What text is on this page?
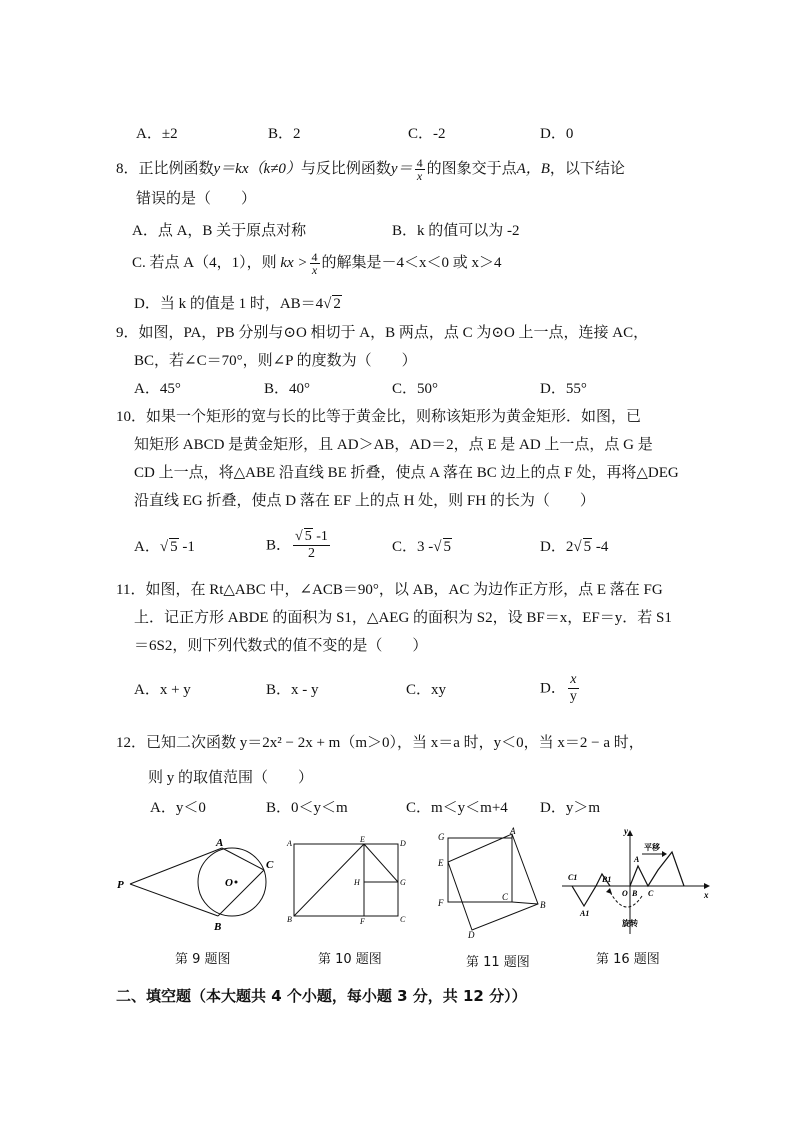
A．±2	B．2	C．-2	D．0
8．正比例函数y＝kx（k≠0）与反比例函数$y= \frac{4}{x}$ 的图象交于点A，B，以下结论
错误的是（　　）
A．点 A，B 关于原点对称	B．k 的值可以为 -2
C. 若点 A（4，1），则 kx > $\frac{4}{x}$ 的解集是－4＜x＜0 或 x＞4
D．当 k 的值是 1 时，AB＝4√ 2
9．如图，PA，PB 分别与⊙O 相切于 A，B 两点，点 C 为⊙O 上一点，连接 AC，
BC，若∠C＝70°，则∠P 的度数为（　　）
A．45°	B．40°	C．50°	D．55°
10．如果一个矩形的宽与长的比等于黄金比，则称该矩形为黄金矩形．如图，已
知矩形 ABCD 是黄金矩形，且 AD＞AB，AD＝2，点 E 是 AD 上一点，点 G 是
CD 上一点，将△ABE 沿直线 BE 折叠，使点 A 落在 BC 边上的点 F 处，再将△DEG
沿直线 EG 折叠，使点 D 落在 EF 上的点 H 处，则 FH 的长为（　　）
A．√ 5 -1	B． $\frac{√ 5 -1}{2}$	C．3 -√ 5	D．2√ 5 -4
11．如图，在 Rt△ABC 中，∠ACB＝90°，以 AB，AC 为边作正方形，点 E 落在 FG
上．记正方形 ABDE 的面积为 S1，△AEG 的面积为 S2，设 BF＝x，EF＝y．若 S1
＝6S2，则下列代数式的值不变的是（　　）
A．x + y	B．x - y	C．xy	D． $\frac{x}{y}$
12．已知二次函数 y＝2x² − 2x + m（m＞0），当 x＝a 时，y＜0，当 x＝2 − a 时，
则 y 的取值范围（　　）
A．y＜0	B．0＜y＜m	C．m＜y＜m+4 D．y＞m
A
B
C
P	O
第 9 题图
A	E	D
H	G
B	F	C
第 10 题图
G
A
E
F
C
B
D
第 11 题图
y
平移
A
C1	B1
O B C	x
A1
旋转
第 16 题图
二、填空题（本大题共 4 个小题，每小题 3 分，共 12 分））
